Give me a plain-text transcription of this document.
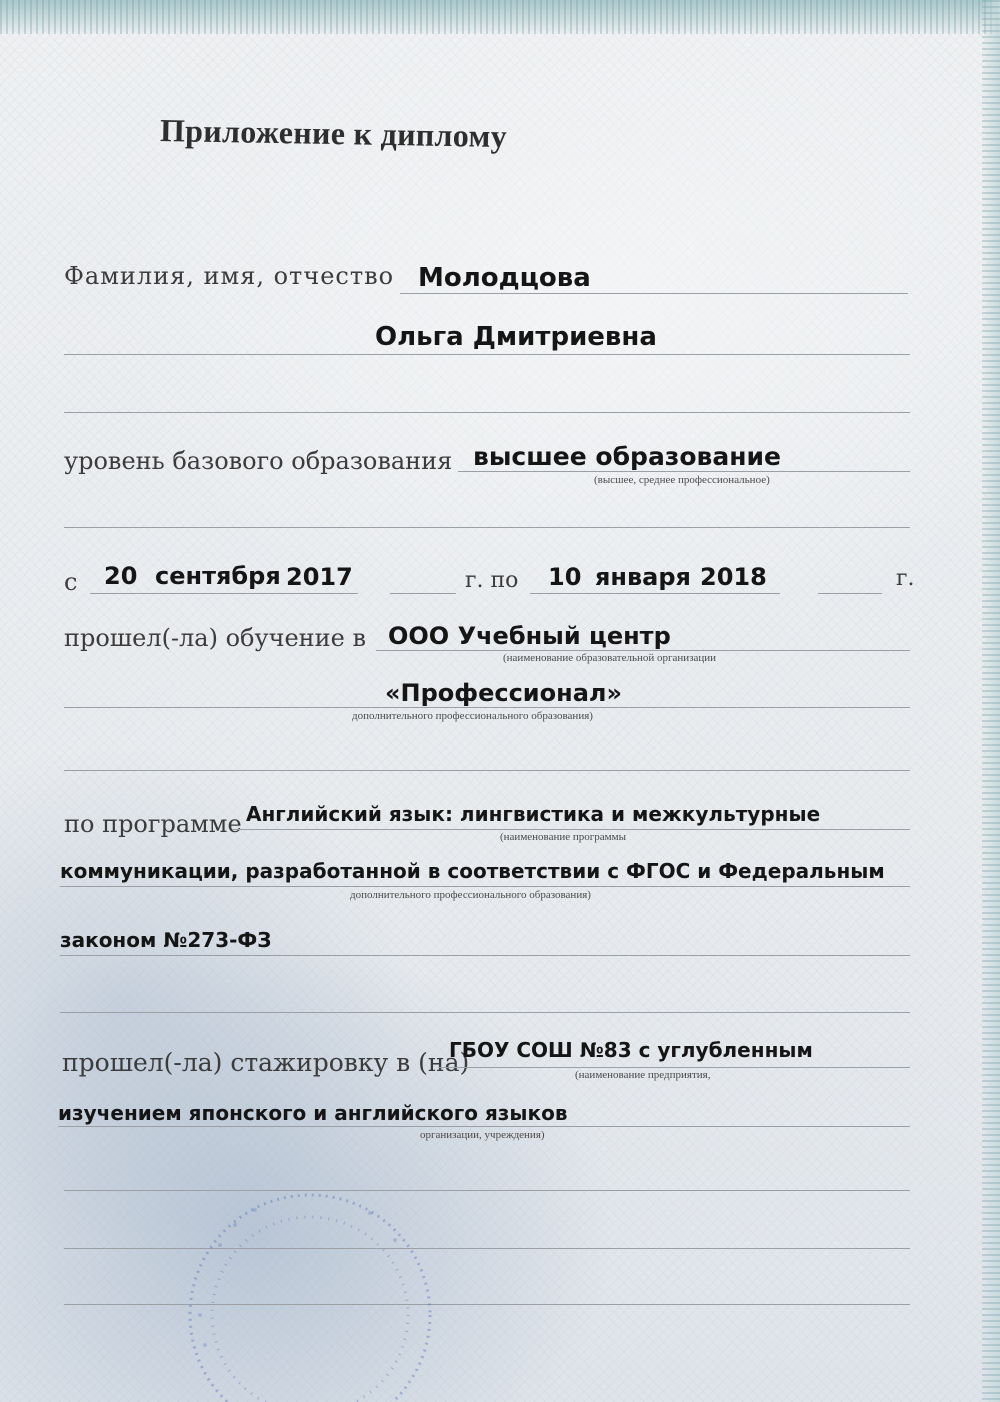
Приложение к диплому
Фамилия, имя, отчество Молодцова
Ольга Дмитриевна
уровень базового образования высшее образование
(высшее, среднее профессиональное)
с 20 сентября 2017	г. по 10 января 2018	г.
прошел(-ла) обучение в ООО Учебный центр
(наименование образовательной организации
«Профессионал»
дополнительного профессионального образования)
по программе Английский язык: лингвистика и межкультурные
(наименование программы
коммуникации, разработанной в соответствии с ФГОС и Федеральным
дополнительного профессионального образования)
законом №273-ФЗ
прошел(-ла) стажировку в (на)
ГБОУ СОШ №83 с углубленным
(наименование предприятия,
изучением японского и английского языков
организации, учреждения)
